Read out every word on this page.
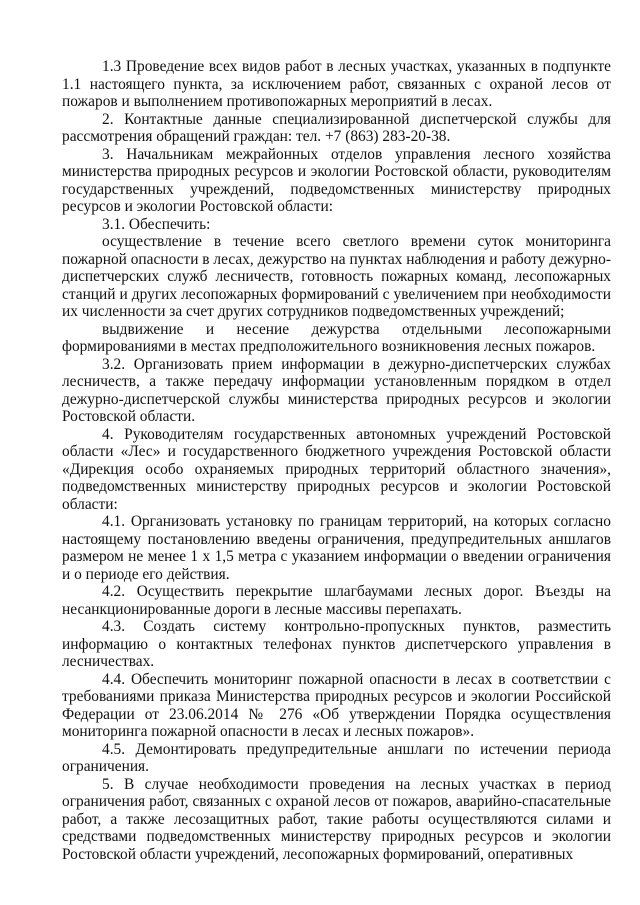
1.3 Проведение всех видов работ в лесных участках, указанных в подпункте 1.1 настоящего пункта, за исключением работ, связанных с охраной лесов от пожаров и выполнением противопожарных мероприятий в лесах.

2. Контактные данные специализированной диспетчерской службы для рассмотрения обращений граждан: тел. +7 (863) 283-20-38.

3. Начальникам межрайонных отделов управления лесного хозяйства министерства природных ресурсов и экологии Ростовской области, руководителям государственных учреждений, подведомственных министерству природных ресурсов и экологии Ростовской области:

3.1. Обеспечить:

осуществление в течение всего светлого времени суток мониторинга пожарной опасности в лесах, дежурство на пунктах наблюдения и работу дежурно-диспетчерских служб лесничеств, готовность пожарных команд, лесопожарных станций и других лесопожарных формирований с увеличением при необходимости их численности за счет других сотрудников подведомственных учреждений;

выдвижение и несение дежурства отдельными лесопожарными формированиями в местах предположительного возникновения лесных пожаров.

3.2. Организовать прием информации в дежурно-диспетчерских службах лесничеств, а также передачу информации установленным порядком в отдел дежурно-диспетчерской службы министерства природных ресурсов и экологии Ростовской области.

4. Руководителям государственных автономных учреждений Ростовской области «Лес» и государственного бюджетного учреждения Ростовской области «Дирекция особо охраняемых природных территорий областного значения», подведомственных министерству природных ресурсов и экологии Ростовской области:

4.1. Организовать установку по границам территорий, на которых согласно настоящему постановлению введены ограничения, предупредительных аншлагов размером не менее 1 х 1,5 метра с указанием информации о введении ограничения и о периоде его действия.

4.2. Осуществить перекрытие шлагбаумами лесных дорог. Въезды на несанкционированные дороги в лесные массивы перепахать.

4.3. Создать систему контрольно-пропускных пунктов, разместить информацию о контактных телефонах пунктов диспетчерского управления в лесничествах.

4.4. Обеспечить мониторинг пожарной опасности в лесах в соответствии с требованиями приказа Министерства природных ресурсов и экологии Российской Федерации от 23.06.2014 № 276 «Об утверждении Порядка осуществления мониторинга пожарной опасности в лесах и лесных пожаров».

4.5. Демонтировать предупредительные аншлаги по истечении периода ограничения.

5. В случае необходимости проведения на лесных участках в период ограничения работ, связанных с охраной лесов от пожаров, аварийно-спасательные работ, а также лесозащитных работ, такие работы осуществляются силами и средствами подведомственных министерству природных ресурсов и экологии Ростовской области учреждений, лесопожарных формирований, оперативных
